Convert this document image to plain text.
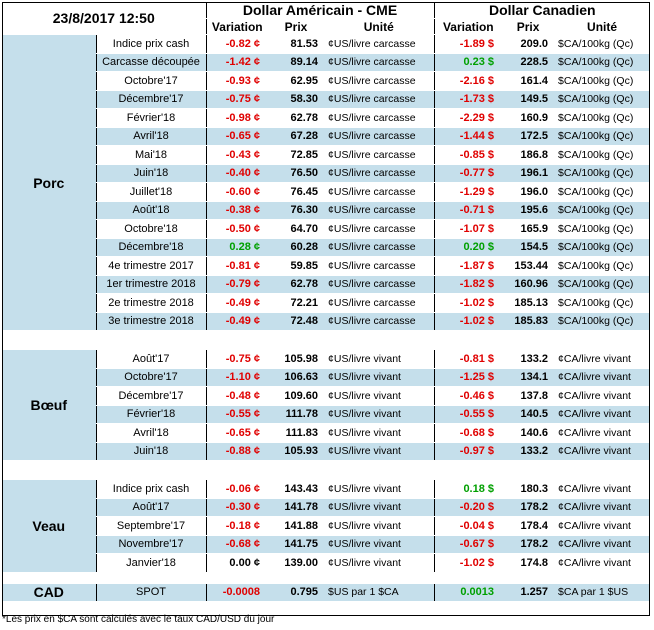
23/8/2017 12:50		Dollar Américain - CME			Dollar Canadien		
		Variation	Prix	Unité	Variation	Prix	Unité
Porc	Indice prix cash	-0.82 ¢	81.53	¢US/livre carcasse	-1.89 $	209.0	$CA/100kg (Qc)
	Carcasse découpée	-1.42 ¢	89.14	¢US/livre carcasse	0.23 $	228.5	$CA/100kg (Qc)
	Octobre'17	-0.93 ¢	62.95	¢US/livre carcasse	-2.16 $	161.4	$CA/100kg (Qc)
	Décembre'17	-0.75 ¢	58.30	¢US/livre carcasse	-1.73 $	149.5	$CA/100kg (Qc)
	Février'18	-0.98 ¢	62.78	¢US/livre carcasse	-2.29 $	160.9	$CA/100kg (Qc)
	Avril'18	-0.65 ¢	67.28	¢US/livre carcasse	-1.44 $	172.5	$CA/100kg (Qc)
	Mai'18	-0.43 ¢	72.85	¢US/livre carcasse	-0.85 $	186.8	$CA/100kg (Qc)
	Juin'18	-0.40 ¢	76.50	¢US/livre carcasse	-0.77 $	196.1	$CA/100kg (Qc)
	Juillet'18	-0.60 ¢	76.45	¢US/livre carcasse	-1.29 $	196.0	$CA/100kg (Qc)
	Août'18	-0.38 ¢	76.30	¢US/livre carcasse	-0.71 $	195.6	$CA/100kg (Qc)
	Octobre'18	-0.50 ¢	64.70	¢US/livre carcasse	-1.07 $	165.9	$CA/100kg (Qc)
	Décembre'18	0.28 ¢	60.28	¢US/livre carcasse	0.20 $	154.5	$CA/100kg (Qc)
	4e trimestre 2017	-0.81 ¢	59.85	¢US/livre carcasse	-1.87 $	153.44	$CA/100kg (Qc)
	1er trimestre 2018	-0.79 ¢	62.78	¢US/livre carcasse	-1.82 $	160.96	$CA/100kg (Qc)
	2e trimestre 2018	-0.49 ¢	72.21	¢US/livre carcasse	-1.02 $	185.13	$CA/100kg (Qc)
	3e trimestre 2018	-0.49 ¢	72.48	¢US/livre carcasse	-1.02 $	185.83	$CA/100kg (Qc)

Bœuf	Août'17	-0.75 ¢	105.98	¢US/livre vivant	-0.81 $	133.2	¢CA/livre vivant
	Octobre'17	-1.10 ¢	106.63	¢US/livre vivant	-1.25 $	134.1	¢CA/livre vivant
	Décembre'17	-0.48 ¢	109.60	¢US/livre vivant	-0.46 $	137.8	¢CA/livre vivant
	Février'18	-0.55 ¢	111.78	¢US/livre vivant	-0.55 $	140.5	¢CA/livre vivant
	Avril'18	-0.65 ¢	111.83	¢US/livre vivant	-0.68 $	140.6	¢CA/livre vivant
	Juin'18	-0.88 ¢	105.93	¢US/livre vivant	-0.97 $	133.2	¢CA/livre vivant

Veau	Indice prix cash	-0.06 ¢	143.43	¢US/livre vivant	0.18 $	180.3	¢CA/livre vivant
	Août'17	-0.30 ¢	141.78	¢US/livre vivant	-0.20 $	178.2	¢CA/livre vivant
	Septembre'17	-0.18 ¢	141.88	¢US/livre vivant	-0.04 $	178.4	¢CA/livre vivant
	Novembre'17	-0.68 ¢	141.75	¢US/livre vivant	-0.67 $	178.2	¢CA/livre vivant
	Janvier'18	0.00 ¢	139.00	¢US/livre vivant	-1.02 $	174.8	¢CA/livre vivant

CAD	SPOT	-0.0008	0.795	$US par 1 $CA	0.0013	1.257	$CA par 1 $US
*Les prix en $CA sont calculés avec le taux CAD/USD du jour
